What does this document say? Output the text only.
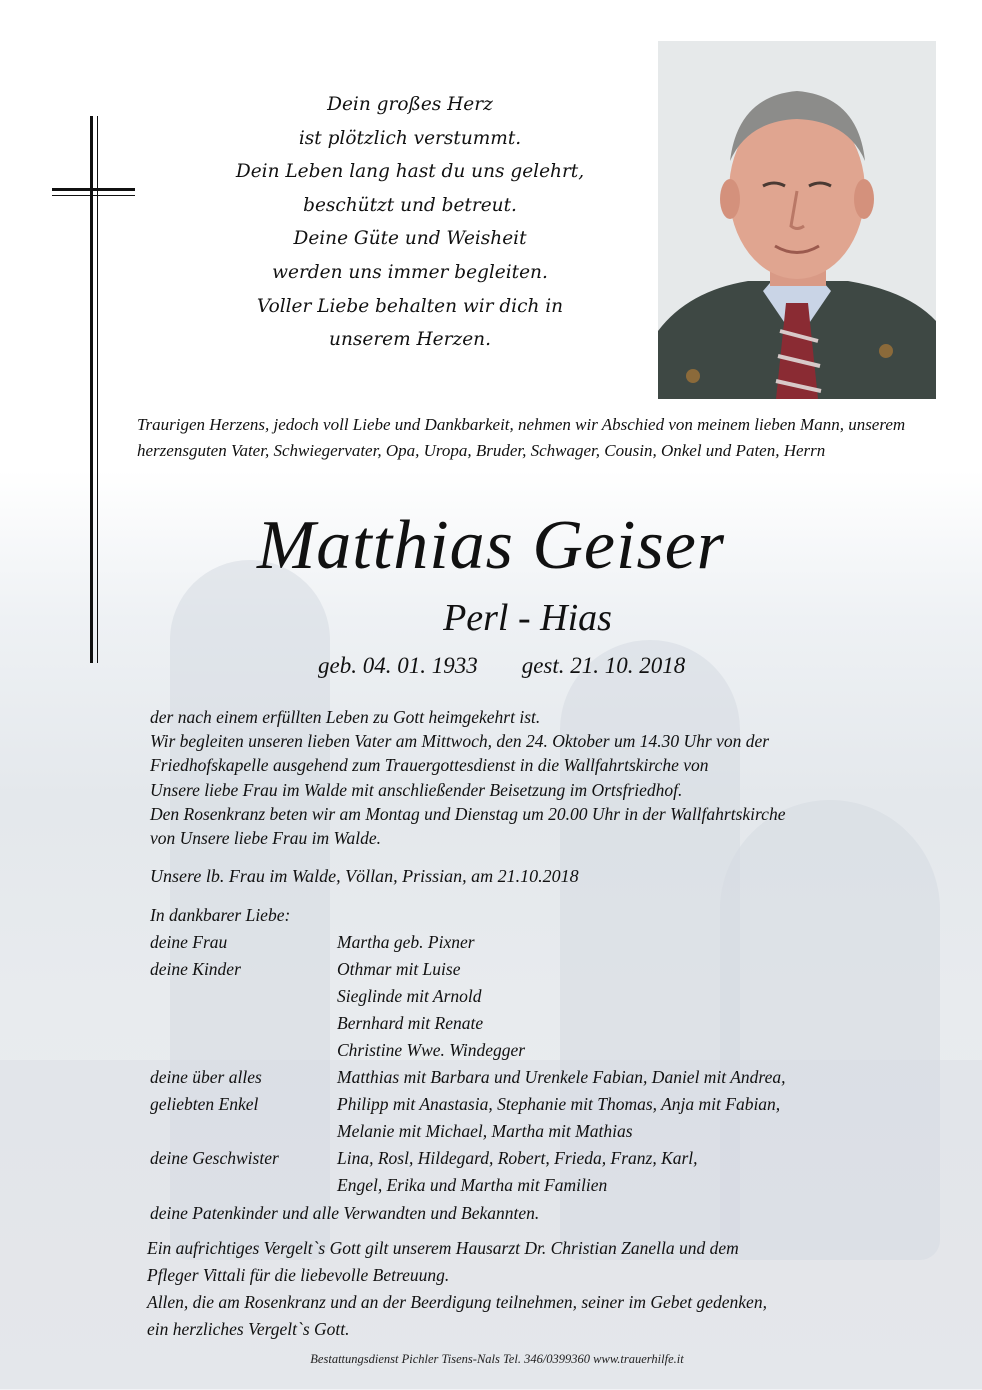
Dein großes Herz
ist plötzlich verstummt.
Dein Leben lang hast du uns gelehrt,
beschützt und betreut.
Deine Güte und Weisheit
werden uns immer begleiten.
Voller Liebe behalten wir dich in
unserem Herzen.
Traurigen Herzens, jedoch voll Liebe und Dankbarkeit, nehmen wir Abschied von meinem lieben Mann, unserem herzensguten Vater, Schwiegervater, Opa, Uropa, Bruder, Schwager, Cousin, Onkel und Paten, Herrn
Matthias Geiser
Perl - Hias
geb. 04. 01. 1933 gest. 21. 10. 2018
der nach einem erfüllten Leben zu Gott heimgekehrt ist.
Wir begleiten unseren lieben Vater am Mittwoch, den 24. Oktober um 14.30 Uhr von der
Friedhofskapelle ausgehend zum Trauergottesdienst in die Wallfahrtskirche von
Unsere liebe Frau im Walde mit anschließender Beisetzung im Ortsfriedhof.
Den Rosenkranz beten wir am Montag und Dienstag um 20.00 Uhr in der Wallfahrtskirche
von Unsere liebe Frau im Walde.
Unsere lb. Frau im Walde, Völlan, Prissian, am 21.10.2018
In dankbarer Liebe:
deine Frau	Martha geb. Pixner
deine Kinder	Othmar mit Luise
Sieglinde mit Arnold
Bernhard mit Renate
Christine Wwe. Windegger
deine über alles	Matthias mit Barbara und Urenkele Fabian, Daniel mit Andrea,
geliebten Enkel	Philipp mit Anastasia, Stephanie mit Thomas, Anja mit Fabian,
Melanie mit Michael, Martha mit Mathias
deine Geschwister	Lina, Rosl, Hildegard, Robert, Frieda, Franz, Karl,
Engel, Erika und Martha mit Familien
deine Patenkinder und alle Verwandten und Bekannten.
Ein aufrichtiges Vergelt`s Gott gilt unserem Hausarzt Dr. Christian Zanella und dem
Pfleger Vittali für die liebevolle Betreuung.
Allen, die am Rosenkranz und an der Beerdigung teilnehmen, seiner im Gebet gedenken,
ein herzliches Vergelt`s Gott.
Bestattungsdienst Pichler Tisens-Nals Tel. 346/0399360 www.trauerhilfe.it
